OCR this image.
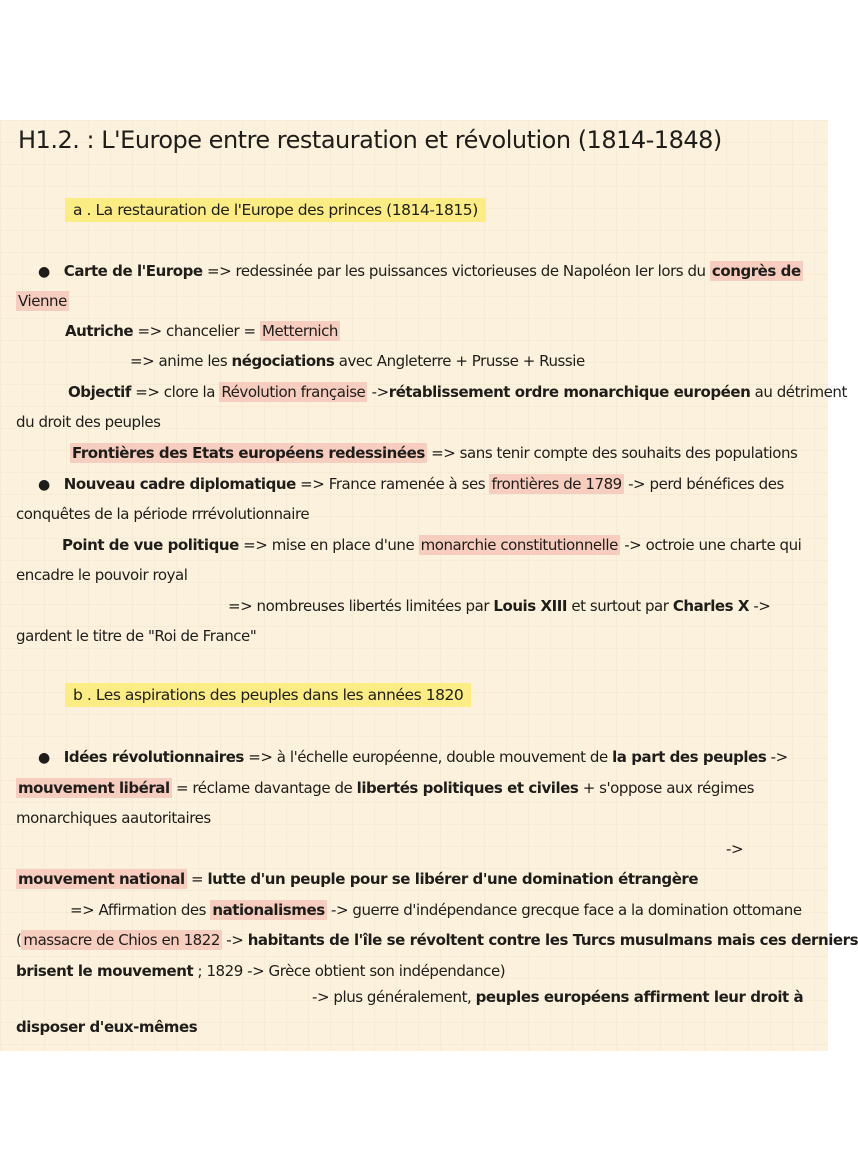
H1.2. : L'Europe entre restauration et révolution (1814-1848)
a . La restauration de l'Europe des princes (1814-1815)
● Carte de l'Europe => redessinée par les puissances victorieuses de Napoléon Ier lors du congrès de
Vienne
Autriche => chancelier = Metternich
=> anime les négociations avec Angleterre + Prusse + Russie
Objectif => clore la Révolution française ->rétablissement ordre monarchique européen au détriment
du droit des peuples
Frontières des Etats européens redessinées => sans tenir compte des souhaits des populations
● Nouveau cadre diplomatique => France ramenée à ses frontières de 1789 -> perd bénéfices des
conquêtes de la période rrrévolutionnaire
Point de vue politique => mise en place d'une monarchie constitutionnelle -> octroie une charte qui
encadre le pouvoir royal
=> nombreuses libertés limitées par Louis XIII et surtout par Charles X ->
gardent le titre de "Roi de France"
b . Les aspirations des peuples dans les années 1820
● Idées révolutionnaires => à l'échelle européenne, double mouvement de la part des peuples ->
mouvement libéral = réclame davantage de libertés politiques et civiles + s'oppose aux régimes
monarchiques aautoritaires
->
mouvement national = lutte d'un peuple pour se libérer d'une domination étrangère
=> Affirmation des nationalismes -> guerre d'indépendance grecque face a la domination ottomane
( massacre de Chios en 1822 -> habitants de l'île se révoltent contre les Turcs musulmans mais ces derniers
brisent le mouvement ; 1829 -> Grèce obtient son indépendance)
-> plus généralement, peuples européens affirment leur droit à
disposer d'eux-mêmes
